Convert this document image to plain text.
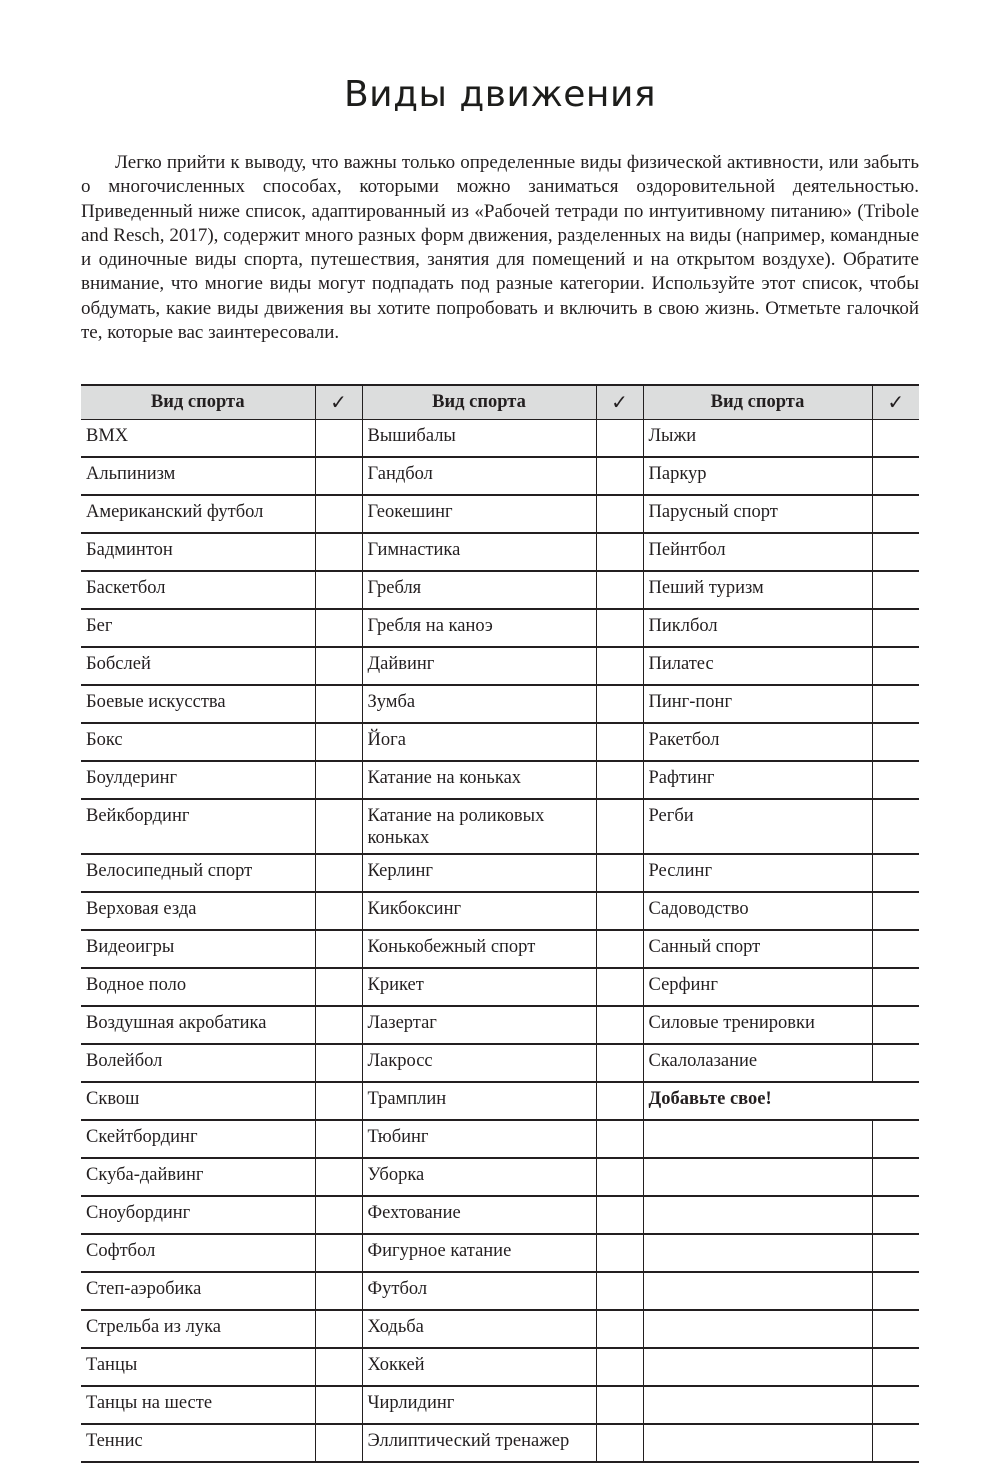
Виды движения

Легко прийти к выводу, что важны только определенные виды физической активности, или забыть о многочисленных способах, которыми можно заниматься оздоровительной деятельностью. Приведенный ниже список, адаптированный из «Рабочей тетради по интуитивному питанию» (Tribole and Resch, 2017), содержит много разных форм движения, разделенных на виды (например, командные и одиночные виды спорта, путешествия, занятия для помещений и на открытом воздухе). Обратите внимание, что многие виды могут подпадать под разные категории. Используйте этот список, чтобы обдумать, какие виды движения вы хотите попробовать и включить в свою жизнь. Отметьте галочкой те, которые вас заинтересовали.

Вид спорта	✓	Вид спорта	✓	Вид спорта	✓
BMX		Вышибалы		Лыжи	
Альпинизм		Гандбол		Паркур	
Американский футбол		Геокешинг		Парусный спорт	
Бадминтон		Гимнастика		Пейнтбол	
Баскетбол		Гребля		Пеший туризм	
Бег		Гребля на каноэ		Пиклбол	
Бобслей		Дайвинг		Пилатес	
Боевые искусства		Зумба		Пинг-понг	
Бокс		Йога		Ракетбол	
Боулдеринг		Катание на коньках		Рафтинг	
Вейкбординг		Катание на роликовых коньках		Регби	
Велосипедный спорт		Керлинг		Реслинг	
Верховая езда		Кикбоксинг		Садоводство	
Видеоигры		Конькобежный спорт		Санный спорт	
Водное поло		Крикет		Серфинг	
Воздушная акробатика		Лазертаг		Силовые тренировки	
Волейбол		Лакросс		Скалолазание	
Сквош		Трамплин		Добавьте свое!	
Скейтбординг		Тюбинг			
Скуба-дайвинг		Уборка			
Сноубординг		Фехтование			
Софтбол		Фигурное катание			
Степ-аэробика		Футбол			
Стрельба из лука		Ходьба			
Танцы		Хоккей			
Танцы на шесте		Чирлидинг			
Теннис		Эллиптический тренажер			
